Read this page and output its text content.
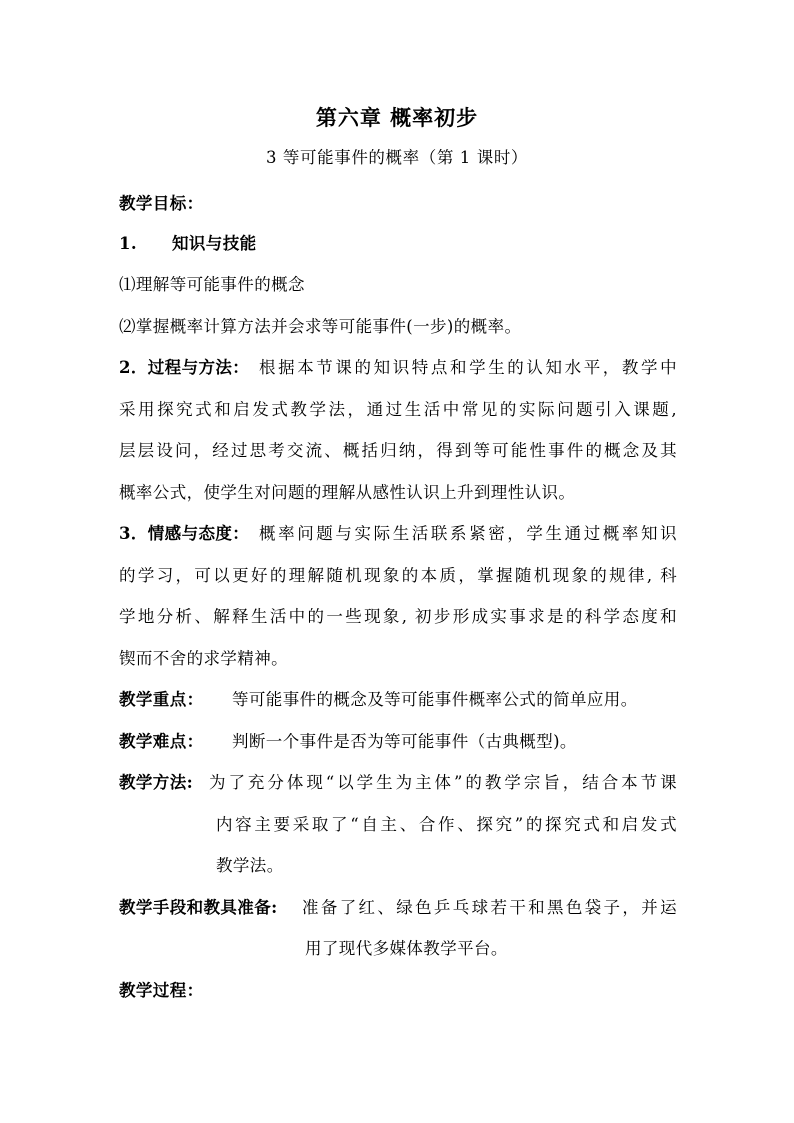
第六章 概率初步
3 等可能事件的概率（第 1 课时）
教学目标：
1. 知识与技能
⑴理解等可能事件的概念
⑵掌握概率计算方法并会求等可能事件(一步)的概率。
2．过程与方法： 根据本节课的知识特点和学生的认知水平，教学中
采用探究式和启发式教学法，通过生活中常见的实际问题引入课题,
层层设问，经过思考交流、概括归纳，得到等可能性事件的概念及其
概率公式，使学生对问题的理解从感性认识上升到理性认识。
3．情感与态度： 概率问题与实际生活联系紧密，学生通过概率知识
的学习，可以更好的理解随机现象的本质，掌握随机现象的规律, 科
学地分析、解释生活中的一些现象, 初步形成实事求是的科学态度和
锲而不舍的求学精神。
教学重点： 等可能事件的概念及等可能事件概率公式的简单应用。
教学难点： 判断一个事件是否为等可能事件（古典概型)。
教学方法: 为了充分体现“以学生为主体”的教学宗旨，结合本节课
内容主要采取了“自主、合作、探究”的探究式和启发式
教学法。
教学手段和教具准备: 准备了红、绿色乒乓球若干和黑色袋子，并运
用了现代多媒体教学平台。
教学过程：
